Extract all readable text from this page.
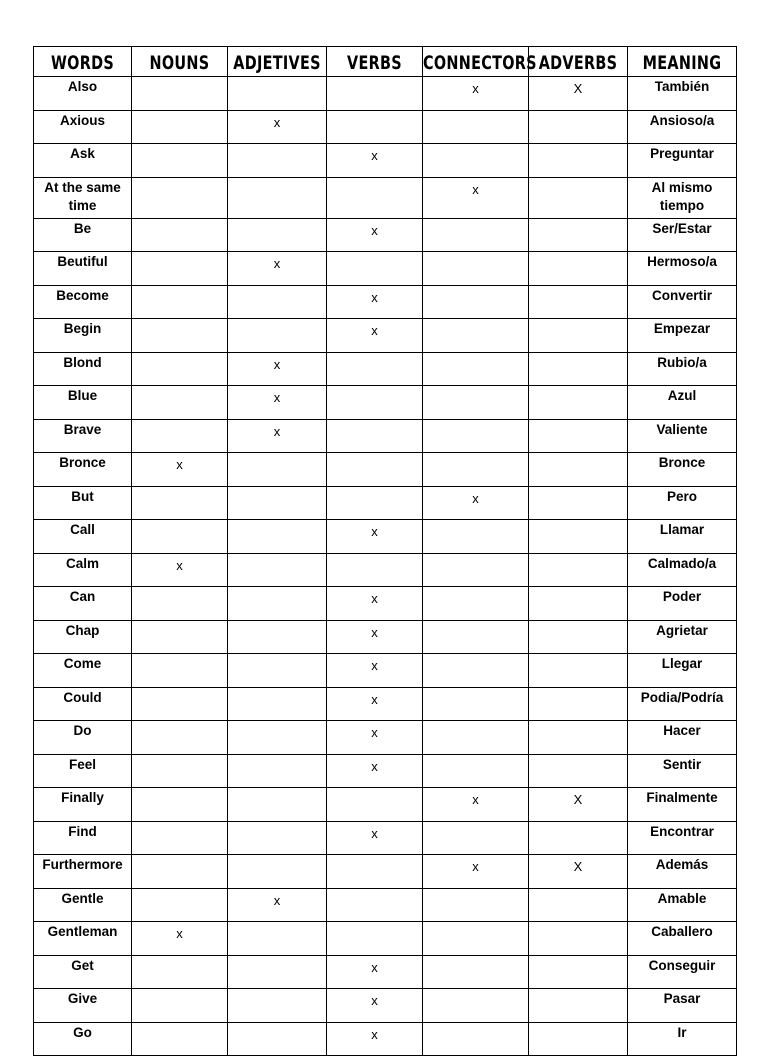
WORDS	NOUNS	ADJETIVES	VERBS	CONNECTORS	ADVERBS	MEANING
Also				x	X	También
Axious		x				Ansioso/a
Ask			x			Preguntar
At the same time				x		Al mismo tiempo
Be			x			Ser/Estar
Beutiful		x				Hermoso/a
Become			x			Convertir
Begin			x			Empezar
Blond		x				Rubio/a
Blue		x				Azul
Brave		x				Valiente
Bronce	x					Bronce
But				x		Pero
Call			x			Llamar
Calm	x					Calmado/a
Can			x			Poder
Chap			x			Agrietar
Come			x			Llegar
Could			x			Podia/Podría
Do			x			Hacer
Feel			x			Sentir
Finally				x	X	Finalmente
Find			x			Encontrar
Furthermore				x	X	Además
Gentle		x				Amable
Gentleman	x					Caballero
Get			x			Conseguir
Give			x			Pasar
Go			x			Ir
